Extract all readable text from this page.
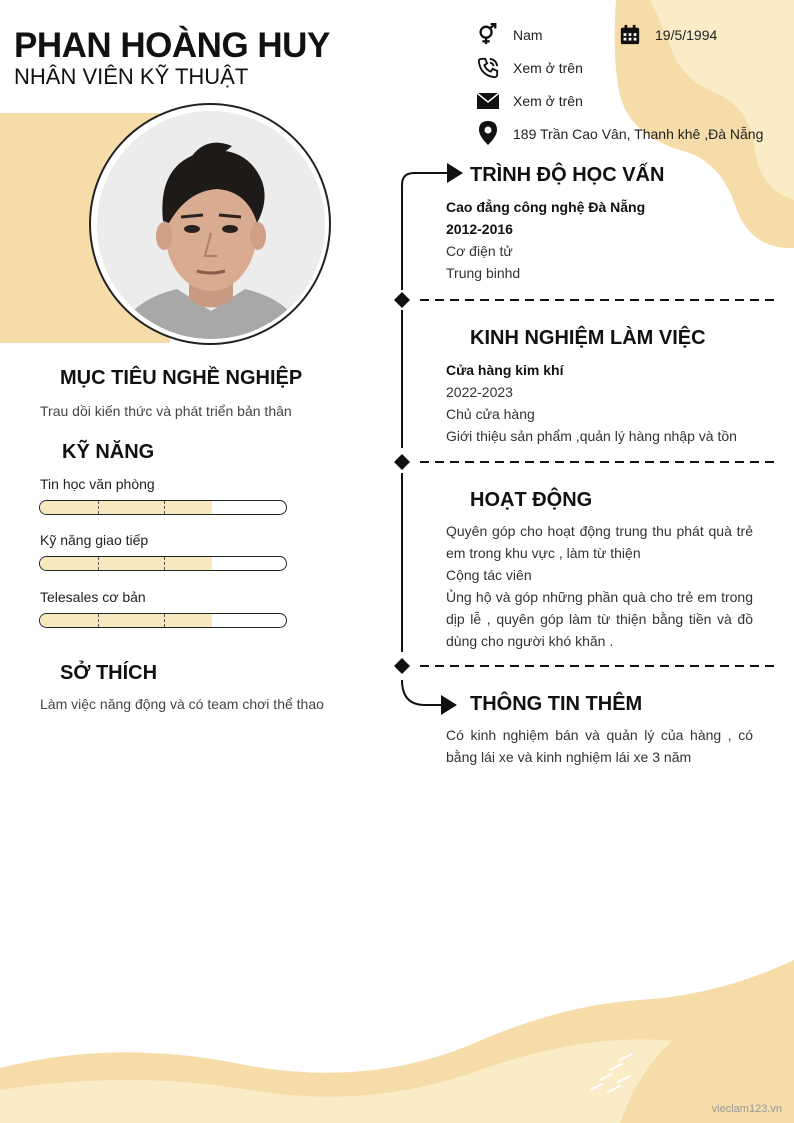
PHAN HOÀNG HUY
NHÂN VIÊN KỸ THUẬT
Nam	19/5/1994
Xem ở trên
Xem ở trên
189 Trần Cao Vân, Thanh khê ,Đà Nẵng
MỤC TIÊU NGHỀ NGHIỆP
Trau dồi kiến thức và phát triển bản thân
KỸ NĂNG
Tin học văn phòng
Kỹ năng giao tiếp
Telesales cơ bản
SỞ THÍCH
Làm việc năng động và có team chơi thể thao
TRÌNH ĐỘ HỌC VẤN
Cao đẳng công nghệ Đà Nẵng
2012-2016
Cơ điện tử
Trung binhd
KINH NGHIỆM LÀM VIỆC
Cửa hàng kim khí
2022-2023
Chủ cửa hàng
Giới thiệu sản phẩm ,quản lý hàng nhập và tồn
HOẠT ĐỘNG
Quyên góp cho hoạt động trung thu phát quà trẻ em trong khu vực , làm từ thiện
Cộng tác viên
Ủng hộ và góp những phần quà cho trẻ em trong dịp lễ , quyên góp làm từ thiện bằng tiền và đồ dùng cho người khó khăn .
THÔNG TIN THÊM
Có kinh nghiệm bán và quản lý của hàng , có bằng lái xe và kinh nghiệm lái xe 3 năm
vieclam123.vn
